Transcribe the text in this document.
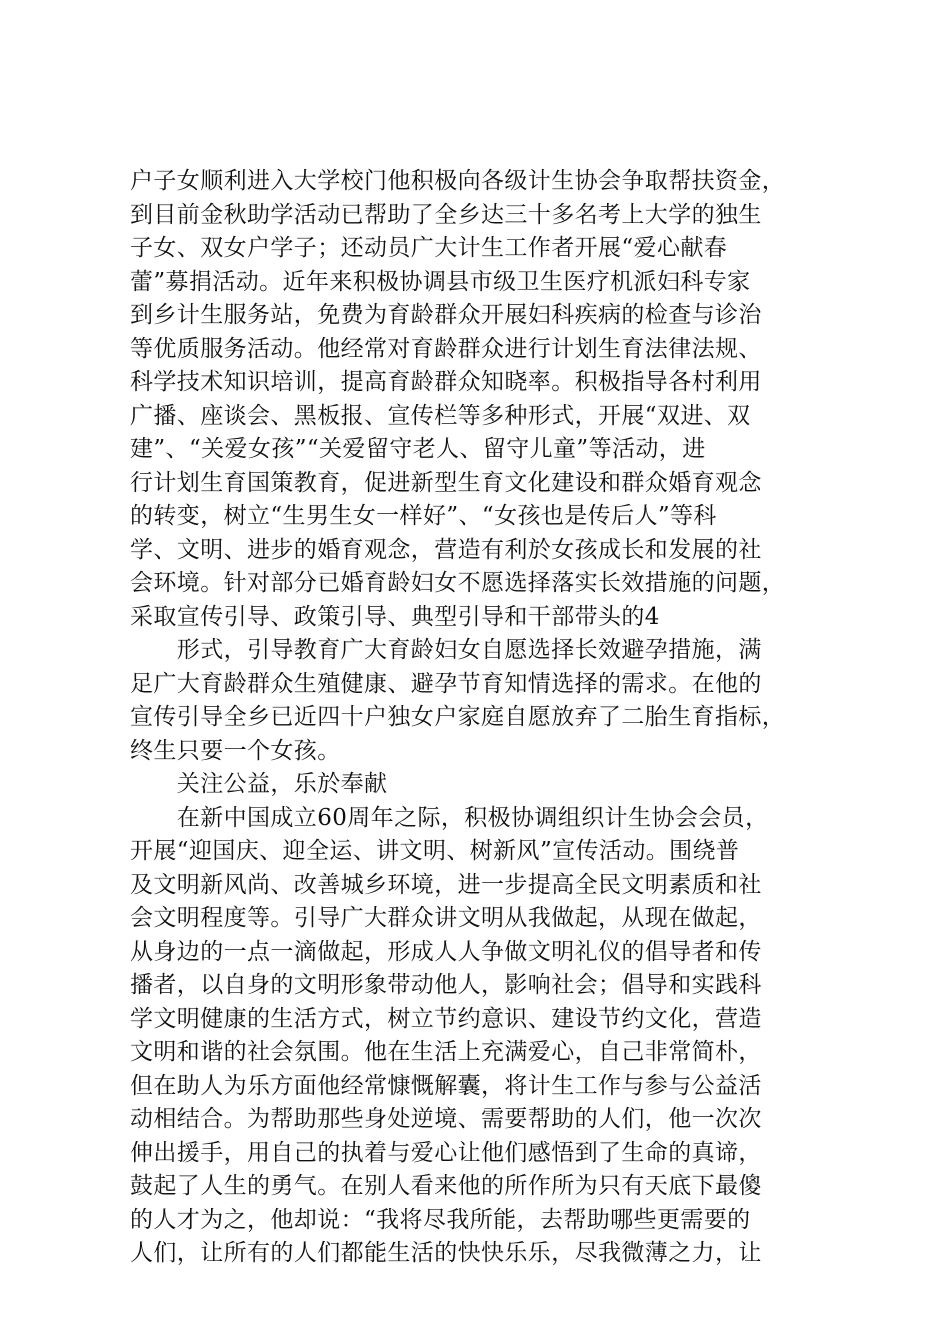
户子女顺利进入大学校门他积极向各级计生协会争取帮扶资金，
到目前金秋助学活动已帮助了全乡达三十多名考上大学的独生
子女、双女户学子；还动员广大计生工作者开展“爱心献春
蕾”募捐活动。近年来积极协调县市级卫生医疗机派妇科专家
到乡计生服务站，免费为育龄群众开展妇科疾病的检查与诊治
等优质服务活动。他经常对育龄群众进行计划生育法律法规、
科学技术知识培训，提高育龄群众知晓率。积极指导各村利用
广播、座谈会、黑板报、宣传栏等多种形式，开展“双进、双
建”、“关爱女孩”“关爱留守老人、留守儿童”等活动，进
行计划生育国策教育，促进新型生育文化建设和群众婚育观念
的转变，树立“生男生女一样好”、“女孩也是传后人”等科
学、文明、进步的婚育观念，营造有利於女孩成长和发展的社
会环境。针对部分已婚育龄妇女不愿选择落实长效措施的问题，
采取宣传引导、政策引导、典型引导和干部带头的4
　　形式，引导教育广大育龄妇女自愿选择长效避孕措施，满
足广大育龄群众生殖健康、避孕节育知情选择的需求。在他的
宣传引导全乡已近四十户独女户家庭自愿放弃了二胎生育指标，
终生只要一个女孩。
　　关注公益，乐於奉献
　　在新中国成立60周年之际，积极协调组织计生协会会员，
开展“迎国庆、迎全运、讲文明、树新风”宣传活动。围绕普
及文明新风尚、改善城乡环境，进一步提高全民文明素质和社
会文明程度等。引导广大群众讲文明从我做起，从现在做起，
从身边的一点一滴做起，形成人人争做文明礼仪的倡导者和传
播者，以自身的文明形象带动他人，影响社会；倡导和实践科
学文明健康的生活方式，树立节约意识、建设节约文化，营造
文明和谐的社会氛围。他在生活上充满爱心，自己非常简朴，
但在助人为乐方面他经常慷慨解囊，将计生工作与参与公益活
动相结合。为帮助那些身处逆境、需要帮助的人们，他一次次
伸出援手，用自己的执着与爱心让他们感悟到了生命的真谛，
鼓起了人生的勇气。在别人看来他的所作所为只有天底下最傻
的人才为之，他却说：“我将尽我所能，去帮助哪些更需要的
人们，让所有的人们都能生活的快快乐乐，尽我微薄之力，让
